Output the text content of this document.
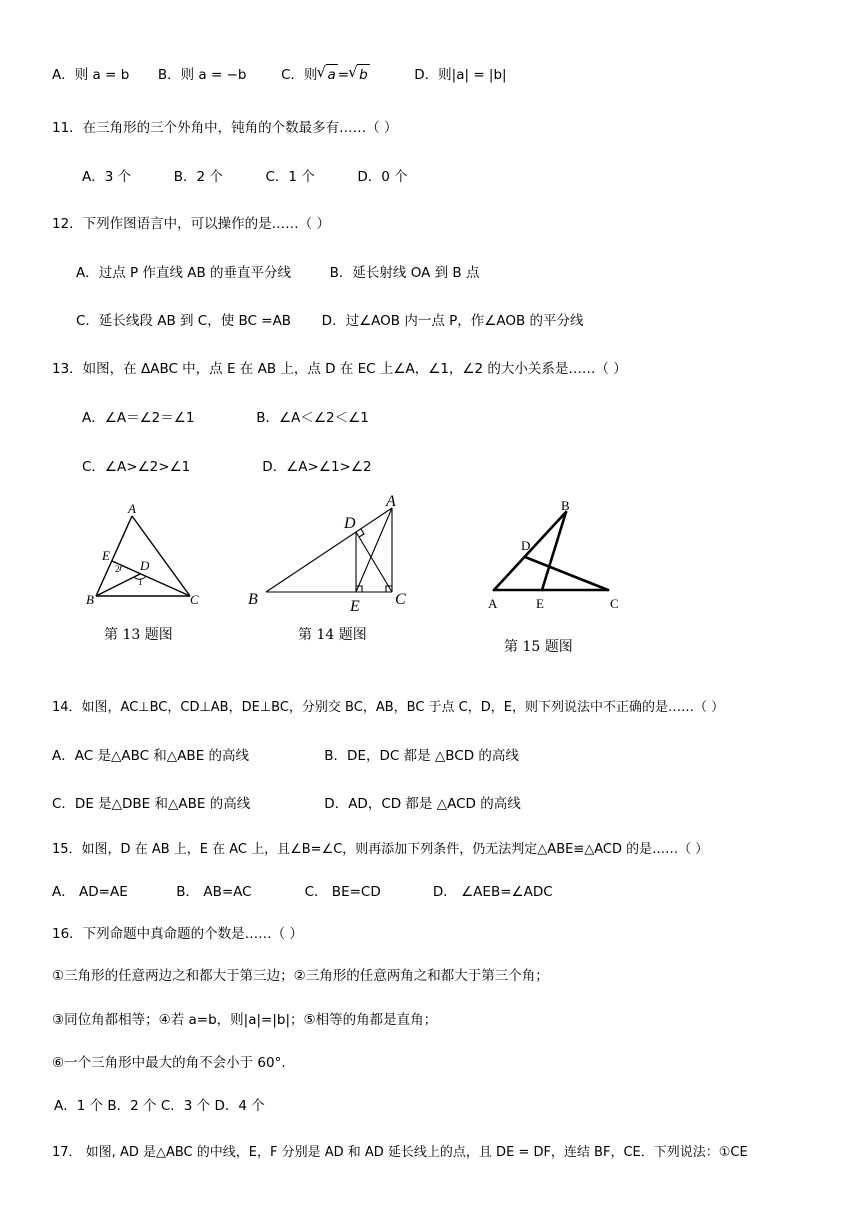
A．则 a = b B．则 a = −b	C．则 √ a= √ b	D．则|a| = |b|
11．在三角形的三个外角中，钝角的个数最多有……（ ）
A．3 个	B．2 个	C．1 个	D．0 个
12．下列作图语言中，可以操作的是……（ ）
A．过点 P 作直线 AB 的垂直平分线	B．延长射线 OA 到 B 点
C．延长线段 AB 到 C，使 BC =AB D．过∠AOB 内一点 P，作∠AOB 的平分线
13．如图，在 ΔABC 中，点 E 在 AB 上，点 D 在 EC 上∠A，∠1，∠2 的大小关系是……（ ）
A．∠A＝∠2＝∠1	B．∠A＜∠2＜∠1
C．∠A>∠2>∠1	D．∠A>∠1>∠2
A
B	C
D
E
1
2
第 13 题图
B	C
A
D
E
第 14 题图
B
D
A	E	C
第 15 题图
14．如图，AC⊥BC，CD⊥AB，DE⊥BC，分别交 BC，AB，BC 于点 C，D，E，则下列说法中不正确的是……（ ）
A．AC 是△ABC 和△ABE 的高线	B．DE，DC 都是 △BCD 的高线
C．DE 是△DBE 和△ABE 的高线	D．AD，CD 都是 △ACD 的高线
15．如图，D 在 AB 上，E 在 AC 上，且∠B=∠C，则再添加下列条件，仍无法判定△ABE≌△ACD 的是……（ ）
A． AD=AE	B． AB=AC	C． BE=CD	D． ∠AEB=∠ADC
16．下列命题中真命题的个数是……（ ）
①三角形的任意两边之和都大于第三边；②三角形的任意两角之和都大于第三个角；
③同位角都相等；④若 a=b，则|a|=|b|；⑤相等的角都是直角；
⑥一个三角形中最大的角不会小于 60°.
A．1 个 B．2 个 C．3 个 D．4 个
17． 如图, AD 是△ABC 的中线，E，F 分别是 AD 和 AD 延长线上的点，且 DE = DF，连结 BF，CE．下列说法：①CE
